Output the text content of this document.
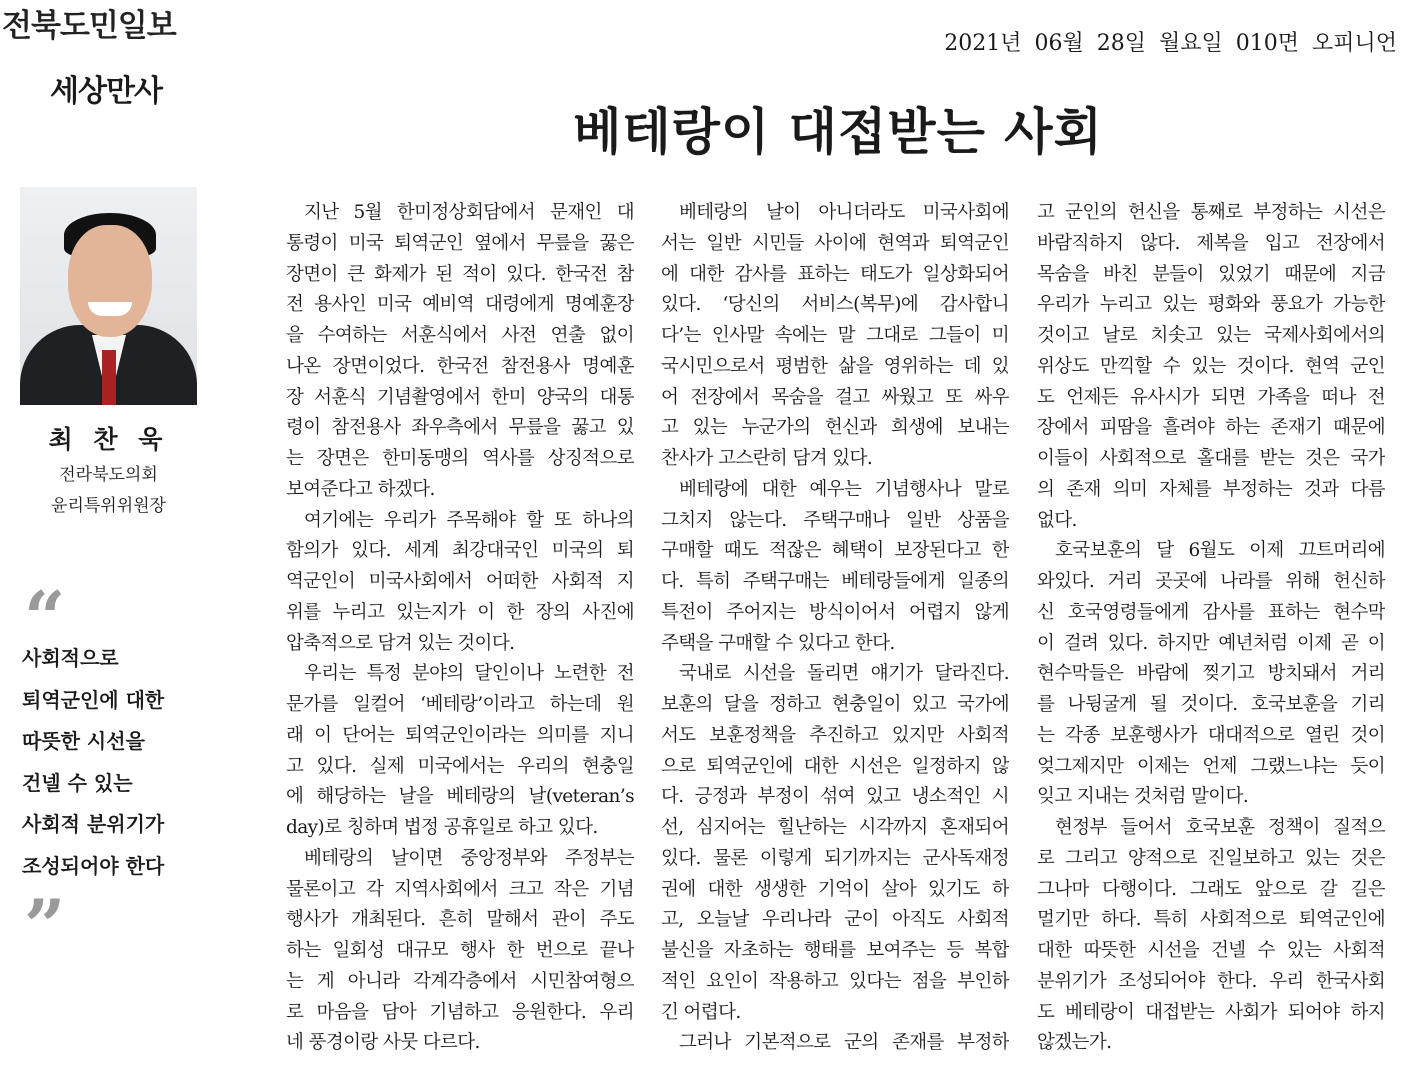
전북도민일보
세상만사
2021년 06월 28일 월요일 010면 오피니언
베테랑이 대접받는 사회
최 찬 욱
전라북도의회
윤리특위위원장
“
사회적으로
퇴역군인에 대한
따뜻한 시선을
건넬 수 있는
사회적 분위기가
조성되어야 한다
”
지난 5월 한미정상회담에서 문재인 대
통령이 미국 퇴역군인 옆에서 무릎을 꿇은
장면이 큰 화제가 된 적이 있다. 한국전 참
전 용사인 미국 예비역 대령에게 명예훈장
을 수여하는 서훈식에서 사전 연출 없이
나온 장면이었다. 한국전 참전용사 명예훈
장 서훈식 기념촬영에서 한미 양국의 대통
령이 참전용사 좌우측에서 무릎을 꿇고 있
는 장면은 한미동맹의 역사를 상징적으로
보여준다고 하겠다.
여기에는 우리가 주목해야 할 또 하나의
함의가 있다. 세계 최강대국인 미국의 퇴
역군인이 미국사회에서 어떠한 사회적 지
위를 누리고 있는지가 이 한 장의 사진에
압축적으로 담겨 있는 것이다.
우리는 특정 분야의 달인이나 노련한 전
문가를 일컬어 ‘베테랑’이라고 하는데 원
래 이 단어는 퇴역군인이라는 의미를 지니
고 있다. 실제 미국에서는 우리의 현충일
에 해당하는 날을 베테랑의 날(veteran’s
day)로 칭하며 법정 공휴일로 하고 있다.
베테랑의 날이면 중앙정부와 주정부는
물론이고 각 지역사회에서 크고 작은 기념
행사가 개최된다. 흔히 말해서 관이 주도
하는 일회성 대규모 행사 한 번으로 끝나
는 게 아니라 각계각층에서 시민참여형으
로 마음을 담아 기념하고 응원한다. 우리
네 풍경이랑 사뭇 다르다.
베테랑의 날이 아니더라도 미국사회에
서는 일반 시민들 사이에 현역과 퇴역군인
에 대한 감사를 표하는 태도가 일상화되어
있다. ‘당신의 서비스(복무)에 감사합니
다’는 인사말 속에는 말 그대로 그들이 미
국시민으로서 평범한 삶을 영위하는 데 있
어 전장에서 목숨을 걸고 싸웠고 또 싸우
고 있는 누군가의 헌신과 희생에 보내는
찬사가 고스란히 담겨 있다.
베테랑에 대한 예우는 기념행사나 말로
그치지 않는다. 주택구매나 일반 상품을
구매할 때도 적잖은 혜택이 보장된다고 한
다. 특히 주택구매는 베테랑들에게 일종의
특전이 주어지는 방식이어서 어렵지 않게
주택을 구매할 수 있다고 한다.
국내로 시선을 돌리면 얘기가 달라진다.
보훈의 달을 정하고 현충일이 있고 국가에
서도 보훈정책을 추진하고 있지만 사회적
으로 퇴역군인에 대한 시선은 일정하지 않
다. 긍정과 부정이 섞여 있고 냉소적인 시
선, 심지어는 힐난하는 시각까지 혼재되어
있다. 물론 이렇게 되기까지는 군사독재정
권에 대한 생생한 기억이 살아 있기도 하
고, 오늘날 우리나라 군이 아직도 사회적
불신을 자초하는 행태를 보여주는 등 복합
적인 요인이 작용하고 있다는 점을 부인하
긴 어렵다.
그러나 기본적으로 군의 존재를 부정하
고 군인의 헌신을 통째로 부정하는 시선은
바람직하지 않다. 제복을 입고 전장에서
목숨을 바친 분들이 있었기 때문에 지금
우리가 누리고 있는 평화와 풍요가 가능한
것이고 날로 치솟고 있는 국제사회에서의
위상도 만끽할 수 있는 것이다. 현역 군인
도 언제든 유사시가 되면 가족을 떠나 전
장에서 피땀을 흘려야 하는 존재기 때문에
이들이 사회적으로 홀대를 받는 것은 국가
의 존재 의미 자체를 부정하는 것과 다름
없다.
호국보훈의 달 6월도 이제 끄트머리에
와있다. 거리 곳곳에 나라를 위해 헌신하
신 호국영령들에게 감사를 표하는 현수막
이 걸려 있다. 하지만 예년처럼 이제 곧 이
현수막들은 바람에 찢기고 방치돼서 거리
를 나뒹굴게 될 것이다. 호국보훈을 기리
는 각종 보훈행사가 대대적으로 열린 것이
엊그제지만 이제는 언제 그랬느냐는 듯이
잊고 지내는 것처럼 말이다.
현정부 들어서 호국보훈 정책이 질적으
로 그리고 양적으로 진일보하고 있는 것은
그나마 다행이다. 그래도 앞으로 갈 길은
멀기만 하다. 특히 사회적으로 퇴역군인에
대한 따뜻한 시선을 건넬 수 있는 사회적
분위기가 조성되어야 한다. 우리 한국사회
도 베테랑이 대접받는 사회가 되어야 하지
않겠는가.
